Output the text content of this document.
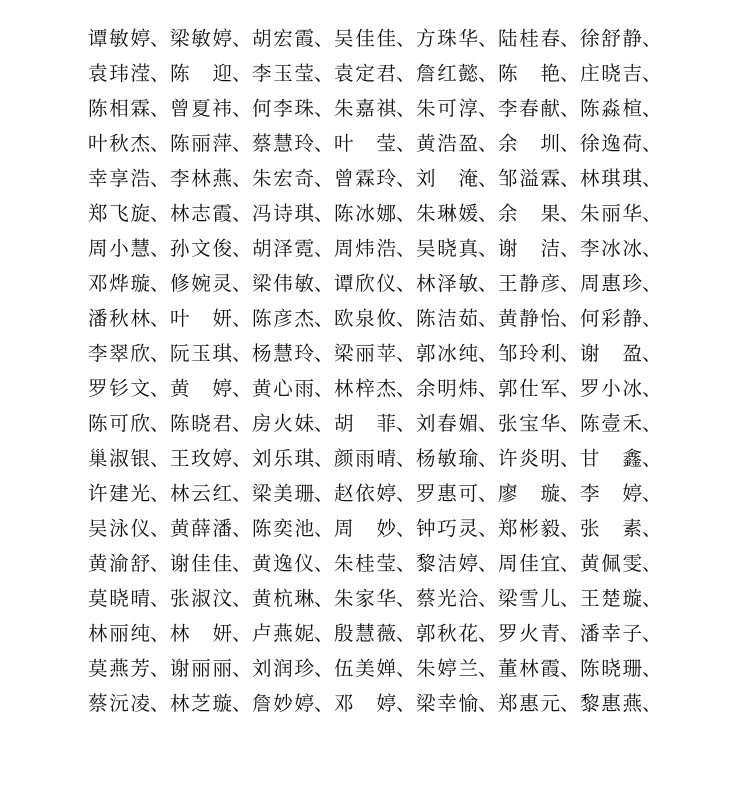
谭敏婷 、 梁敏婷 、 胡宏霞 、 吴佳佳 、 方珠华 、 陆桂春 、 徐舒静 、
袁玮滢 、 陈迎 、 李玉莹 、 袁定君 、 詹红懿 、 陈艳 、 庄晓吉 、
陈相霖 、 曾夏祎 、 何李珠 、 朱嘉祺 、 朱可淳 、 李春献 、 陈淼楦 、
叶秋杰 、 陈丽萍 、 蔡慧玲 、 叶莹 、 黄浩盈 、 余圳 、 徐逸荷 、
幸享浩 、 李林燕 、 朱宏奇 、 曾霖玲 、 刘淹 、 邹溢霖 、 林琪琪 、
郑飞旋 、 林志霞 、 冯诗琪 、 陈冰娜 、 朱琳媛 、 余果 、 朱丽华 、
周小慧 、 孙文俊 、 胡泽霓 、 周炜浩 、 吴晓真 、 谢洁 、 李冰冰 、
邓烨璇 、 修婉灵 、 梁伟敏 、 谭欣仪 、 林泽敏 、 王静彦 、 周惠珍 、
潘秋林 、 叶妍 、 陈彦杰 、 欧泉攸 、 陈洁茹 、 黄静怡 、 何彩静 、
李翠欣 、 阮玉琪 、 杨慧玲 、 梁丽苹 、 郭冰纯 、 邹玲利 、 谢盈 、
罗钐文 、 黄婷 、 黄心雨 、 林梓杰 、 余明炜 、 郭仕军 、 罗小冰 、
陈可欣 、 陈晓君 、 房火妹 、 胡菲 、 刘春媚 、 张宝华 、 陈壹禾 、
巢淑银 、 王玫婷 、 刘乐琪 、 颜雨晴 、 杨敏瑜 、 许炎明 、 甘鑫 、
许建光 、 林云红 、 梁美珊 、 赵依婷 、 罗惠可 、 廖璇 、 李婷 、
吴泳仪 、 黄薛潘 、 陈奕池 、 周妙 、 钟巧灵 、 郑彬毅 、 张素 、
黄渝舒 、 谢佳佳 、 黄逸仪 、 朱桂莹 、 黎洁婷 、 周佳宜 、 黄佩雯 、
莫晓晴 、 张淑汶 、 黄杭琳 、 朱家华 、 蔡光洽 、 梁雪儿 、 王楚璇 、
林丽纯 、 林妍 、 卢燕妮 、 殷慧薇 、 郭秋花 、 罗火青 、 潘幸子 、
莫燕芳 、 谢丽丽 、 刘润珍 、 伍美婵 、 朱婷兰 、 董林霞 、 陈晓珊 、
蔡沅凌 、 林芝璇 、 詹妙婷 、 邓婷 、 梁幸愉 、 郑惠元 、 黎惠燕 、
